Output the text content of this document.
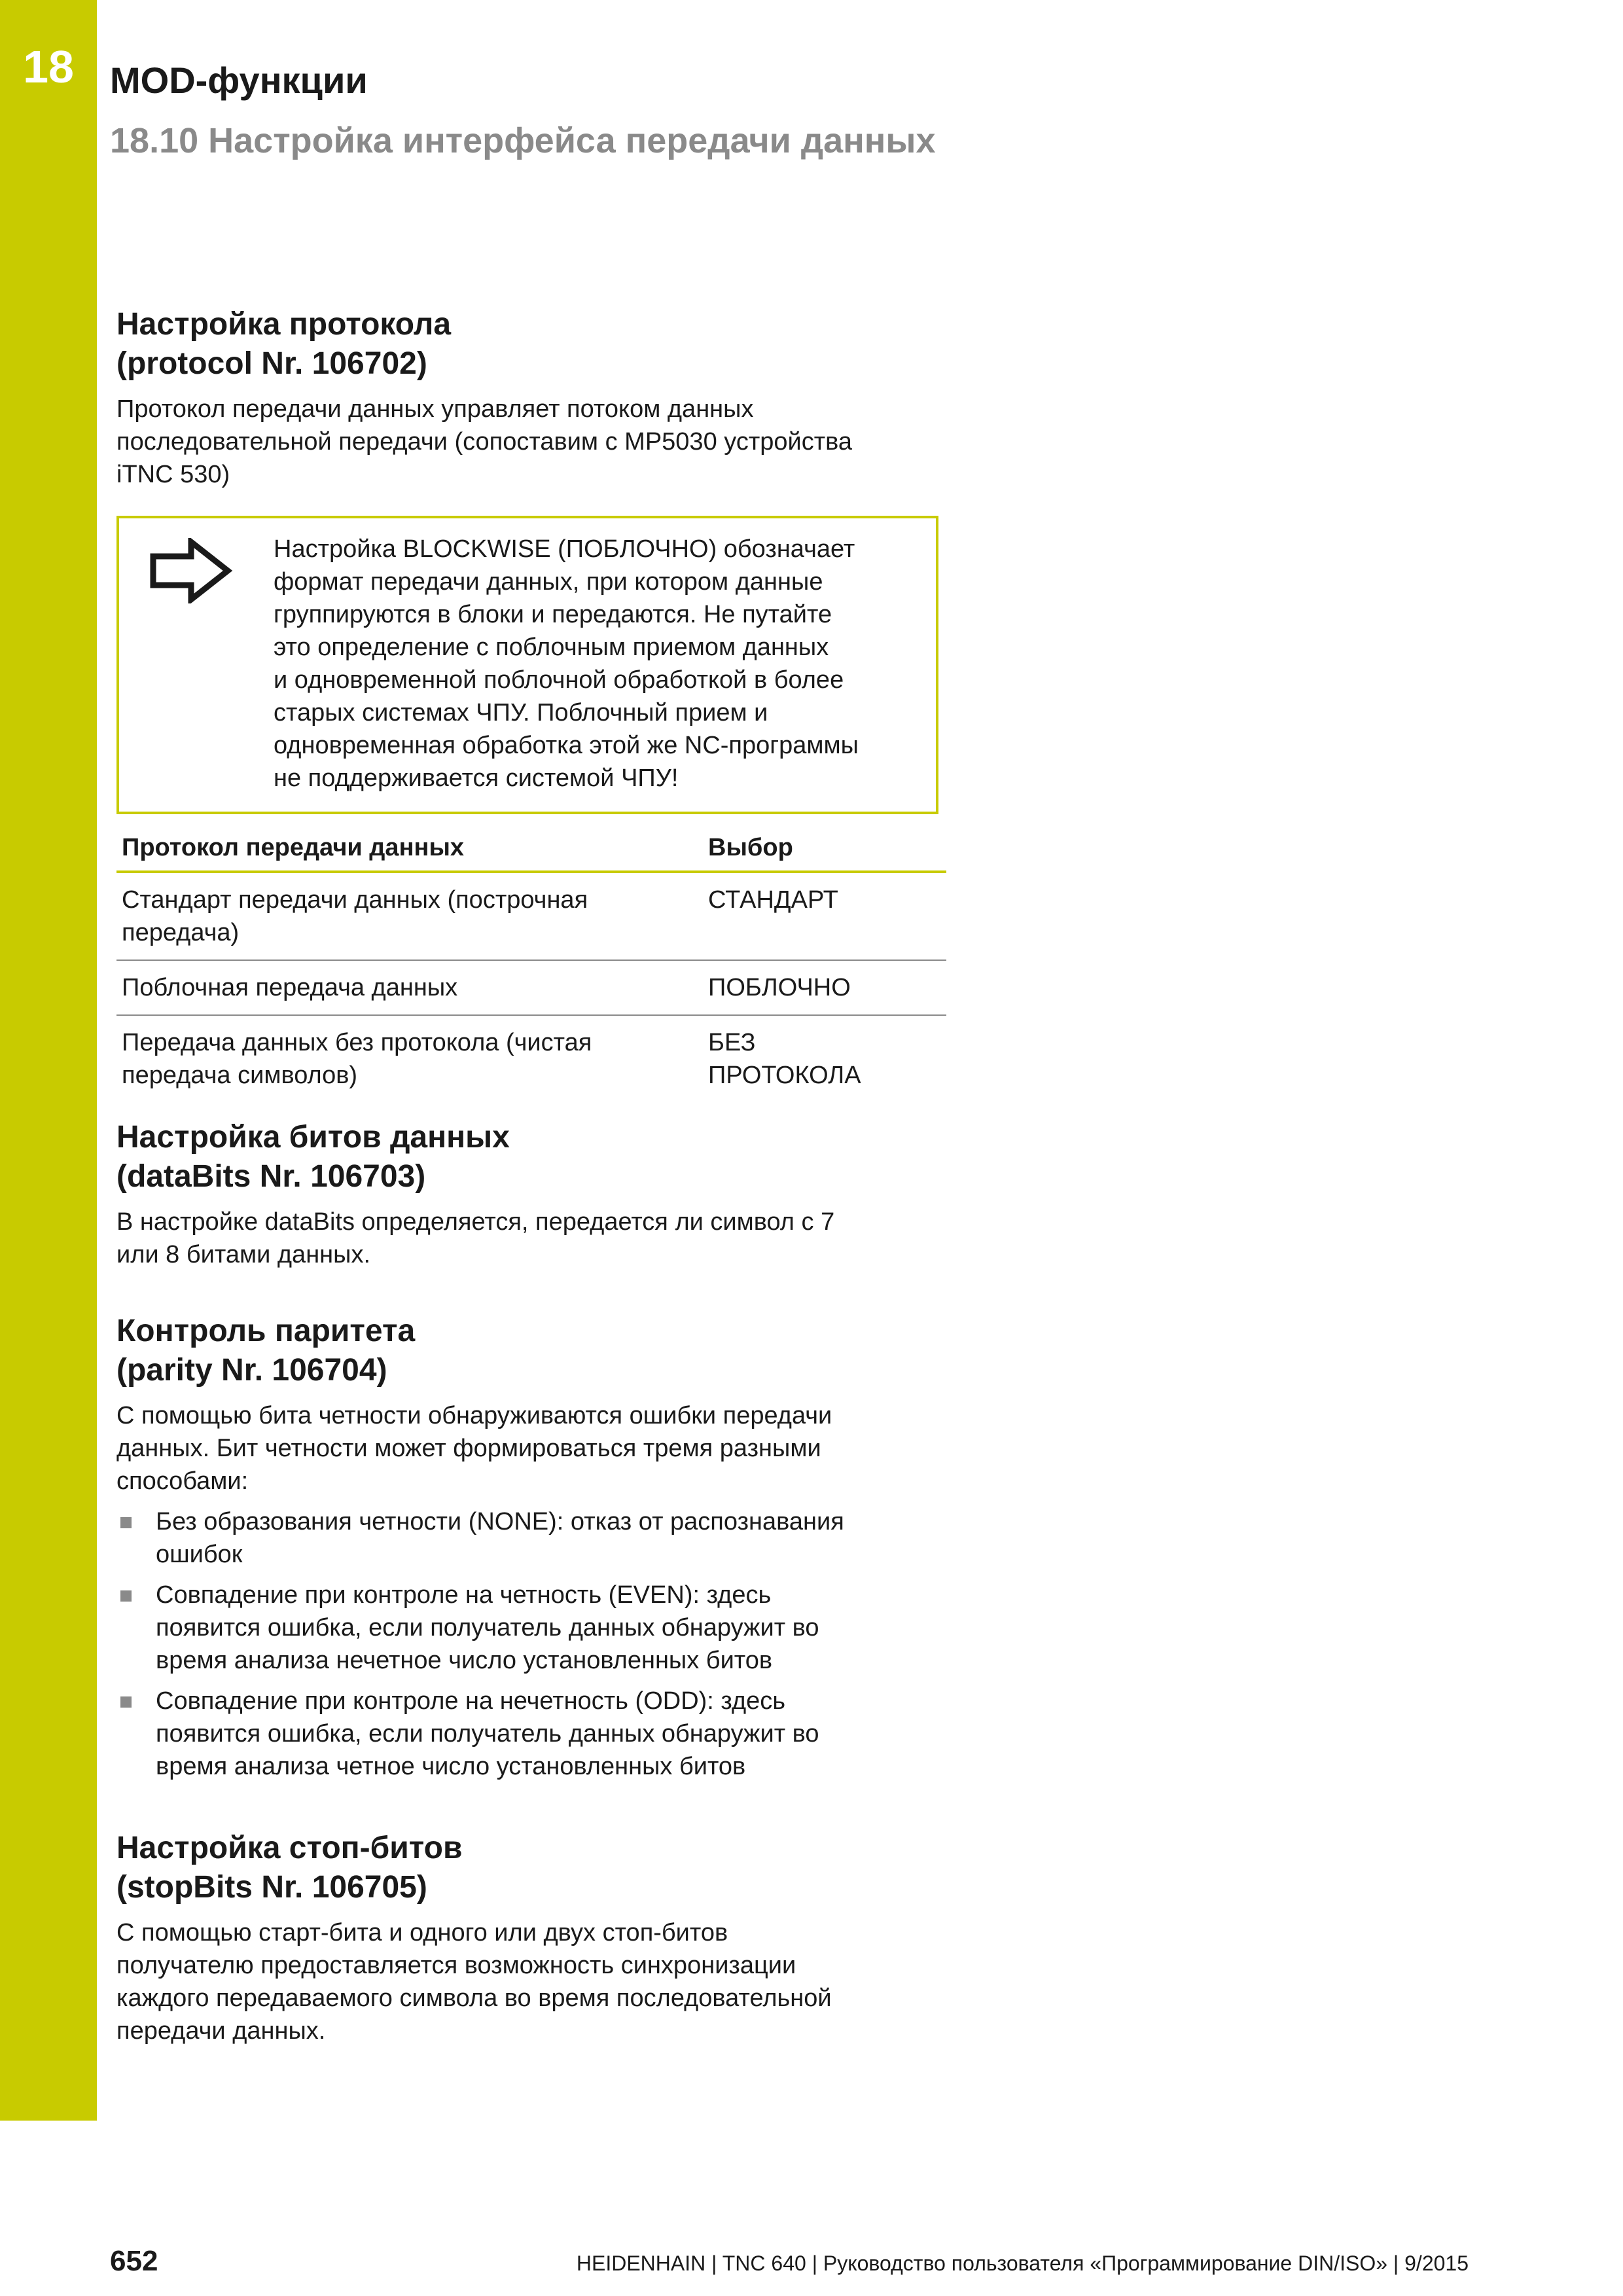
18 MOD-функции
18.10 Настройка интерфейса передачи данных
Настройка протокола
(protocol Nr. 106702)

Протокол передачи данных управляет потоком данных
последовательной передачи (сопоставим с MP5030 устройства
iTNC 530)

Настройка BLOCKWISE (ПОБЛОЧНО) обозначает
формат передачи данных, при котором данные
группируются в блоки и передаются. Не путайте
это определение с поблочным приемом данных
и одновременной поблочной обработкой в более
старых системах ЧПУ. Поблочный прием и
одновременная обработка этой же NC-программы
не поддерживается системой ЧПУ!

Протокол передачи данных	Выбор
Стандарт передачи данных (построчная
передача)	СТАНДАРТ
Поблочная передача данных	ПОБЛОЧНО
Передача данных без протокола (чистая
передача символов)	БЕЗ
ПРОТОКОЛА
Настройка битов данных
(dataBits Nr. 106703)

В настройке dataBits определяется, передается ли символ с 7
или 8 битами данных.

Контроль паритета
(parity Nr. 106704)

С помощью бита четности обнаруживаются ошибки передачи
данных. Бит четности может формироваться тремя разными
способами:

Без образования четности (NONE): отказ от распознавания
ошибок
Совпадение при контроле на четность (EVEN): здесь
появится ошибка, если получатель данных обнаружит во
время анализа нечетное число установленных битов
Совпадение при контроле на нечетность (ODD): здесь
появится ошибка, если получатель данных обнаружит во
время анализа четное число установленных битов
Настройка стоп-битов
(stopBits Nr. 106705)

С помощью старт-бита и одного или двух стоп-битов
получателю предоставляется возможность синхронизации
каждого передаваемого символа во время последовательной
передачи данных.

652	HEIDENHAIN | TNC 640 | Руководство пользователя «Программирование DIN/ISO» | 9/2015
